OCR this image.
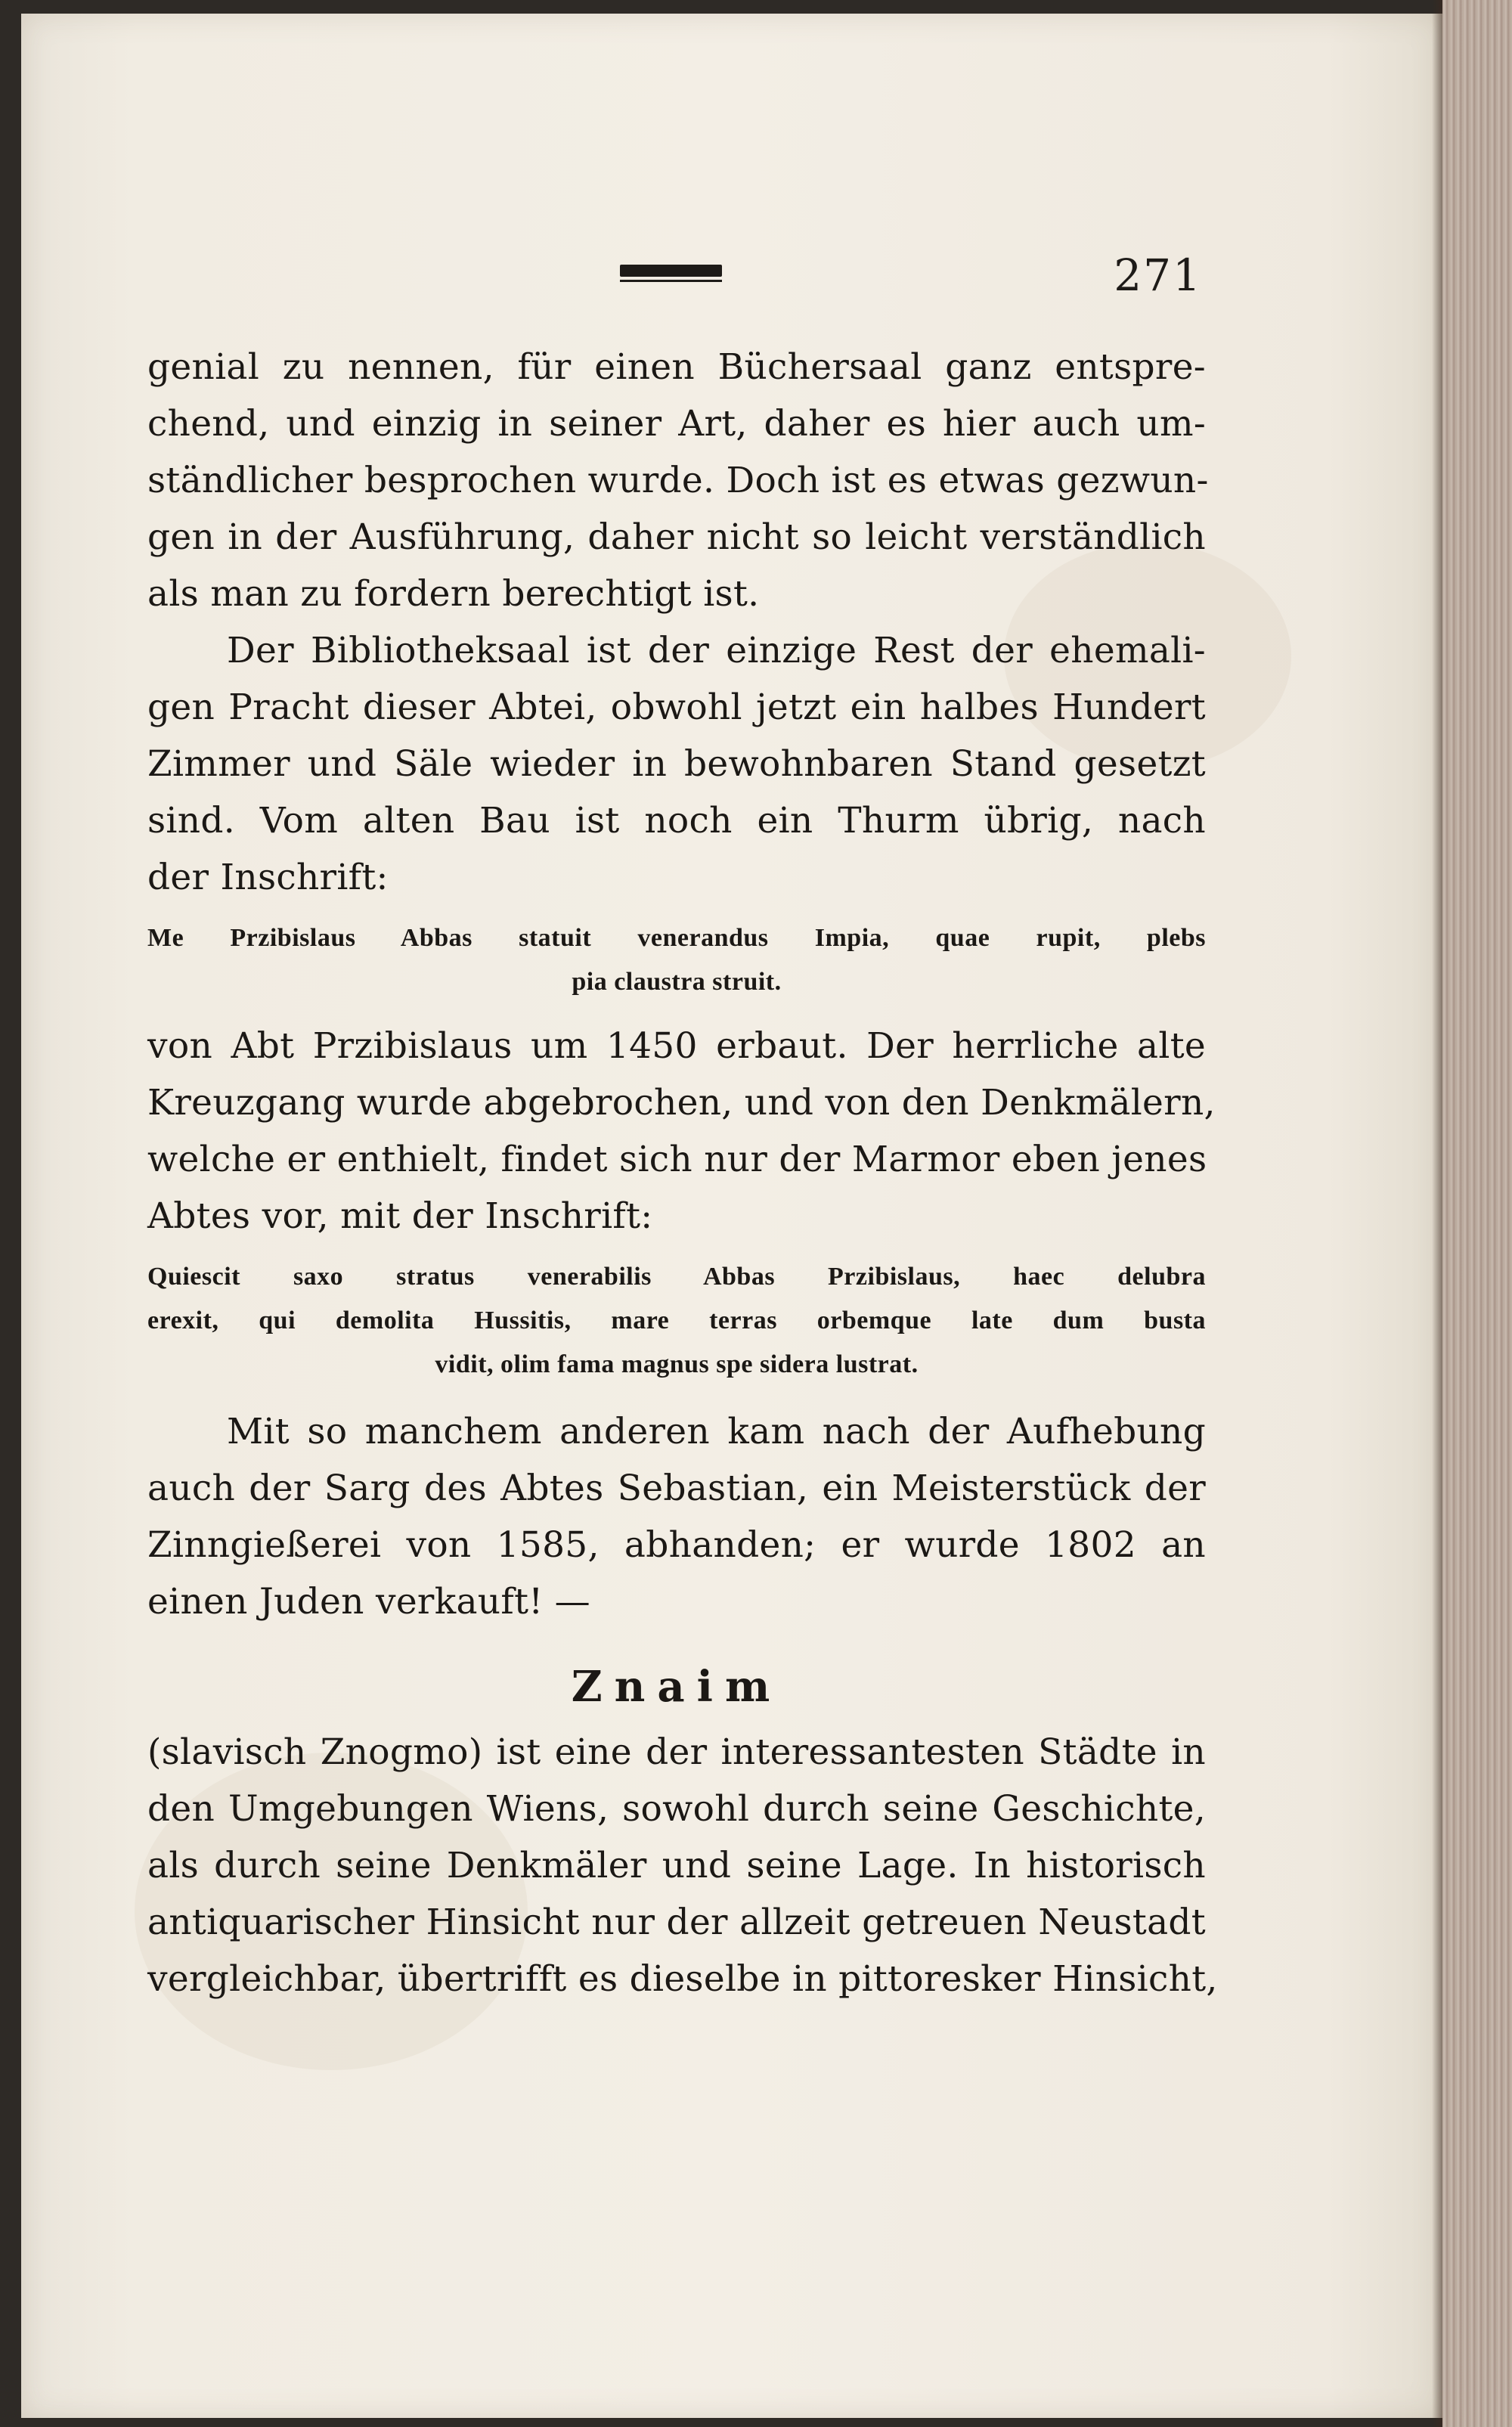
271
genial zu nennen, für einen Büchersaal ganz entspre-
chend, und einzig in seiner Art, daher es hier auch um-
ständlicher besprochen wurde. Doch ist es etwas gezwun-
gen in der Ausführung, daher nicht so leicht verständlich
als man zu fordern berechtigt ist.
Der Bibliotheksaal ist der einzige Rest der ehemali-
gen Pracht dieser Abtei, obwohl jetzt ein halbes Hundert
Zimmer und Säle wieder in bewohnbaren Stand gesetzt
sind. Vom alten Bau ist noch ein Thurm übrig, nach
der Inschrift:
Me Przibislaus Abbas statuit venerandus Impia, quae rupit, plebs
pia claustra struit.
von Abt Przibislaus um 1450 erbaut. Der herrliche alte
Kreuzgang wurde abgebrochen, und von den Denkmälern,
welche er enthielt, findet sich nur der Marmor eben jenes
Abtes vor, mit der Inschrift:
Quiescit saxo stratus venerabilis Abbas Przibislaus, haec delubra
erexit, qui demolita Hussitis, mare terras orbemque late dum busta
vidit, olim fama magnus spe sidera lustrat.
Mit so manchem anderen kam nach der Aufhebung
auch der Sarg des Abtes Sebastian, ein Meisterstück der
Zinngießerei von 1585, abhanden; er wurde 1802 an
einen Juden verkauft! —
Znaim
(slavisch Znogmo) ist eine der interessantesten Städte in
den Umgebungen Wiens, sowohl durch seine Geschichte,
als durch seine Denkmäler und seine Lage. In historisch
antiquarischer Hinsicht nur der allzeit getreuen Neustadt
vergleichbar, übertrifft es dieselbe in pittoresker Hinsicht,
